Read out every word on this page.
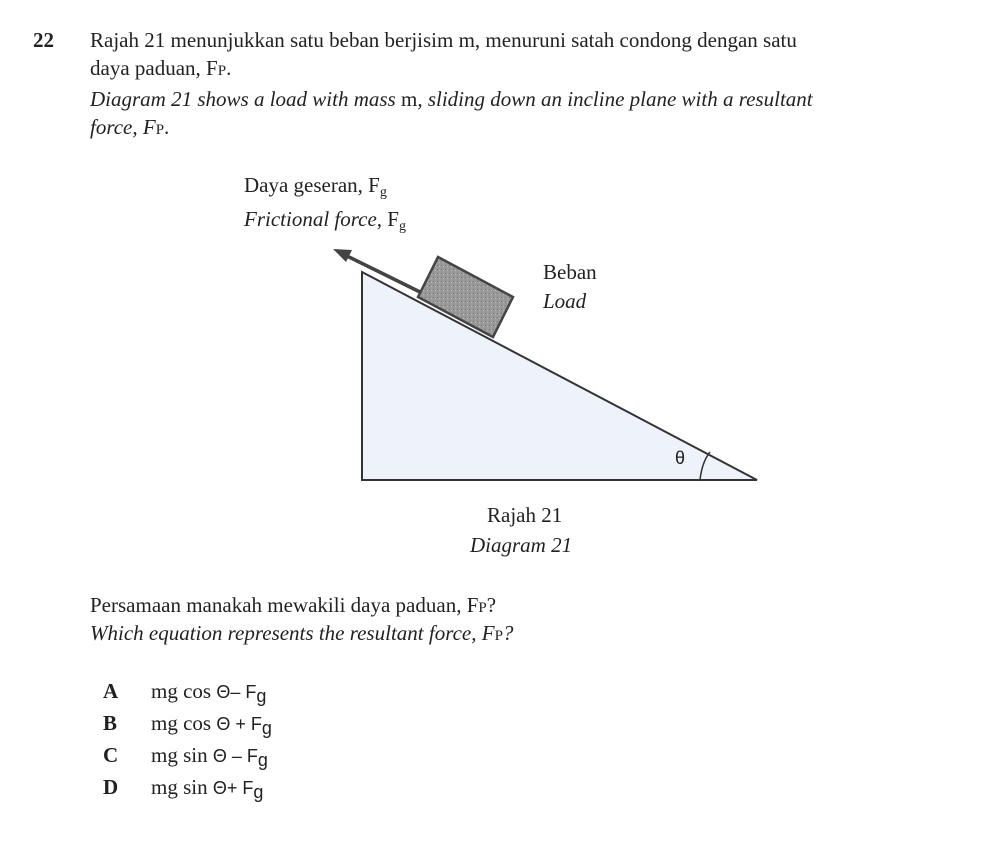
22 Rajah 21 menunjukkan satu beban berjisim m, menuruni satah condong dengan satu
daya paduan, FP.
Diagram 21 shows a load with mass m, sliding down an incline plane with a resultant
force, FP.
Daya geseran, $F_g$
Frictional force, $F_g$
Beban
Load
θ
Rajah 21
Diagram 21
Persamaan manakah mewakili daya paduan, FP?
Which equation represents the resultant force, FP?
A mg cos Θ– Fg
B mg cos Θ + Fg
C mg sin Θ – Fg
D mg sin Θ+ Fg
